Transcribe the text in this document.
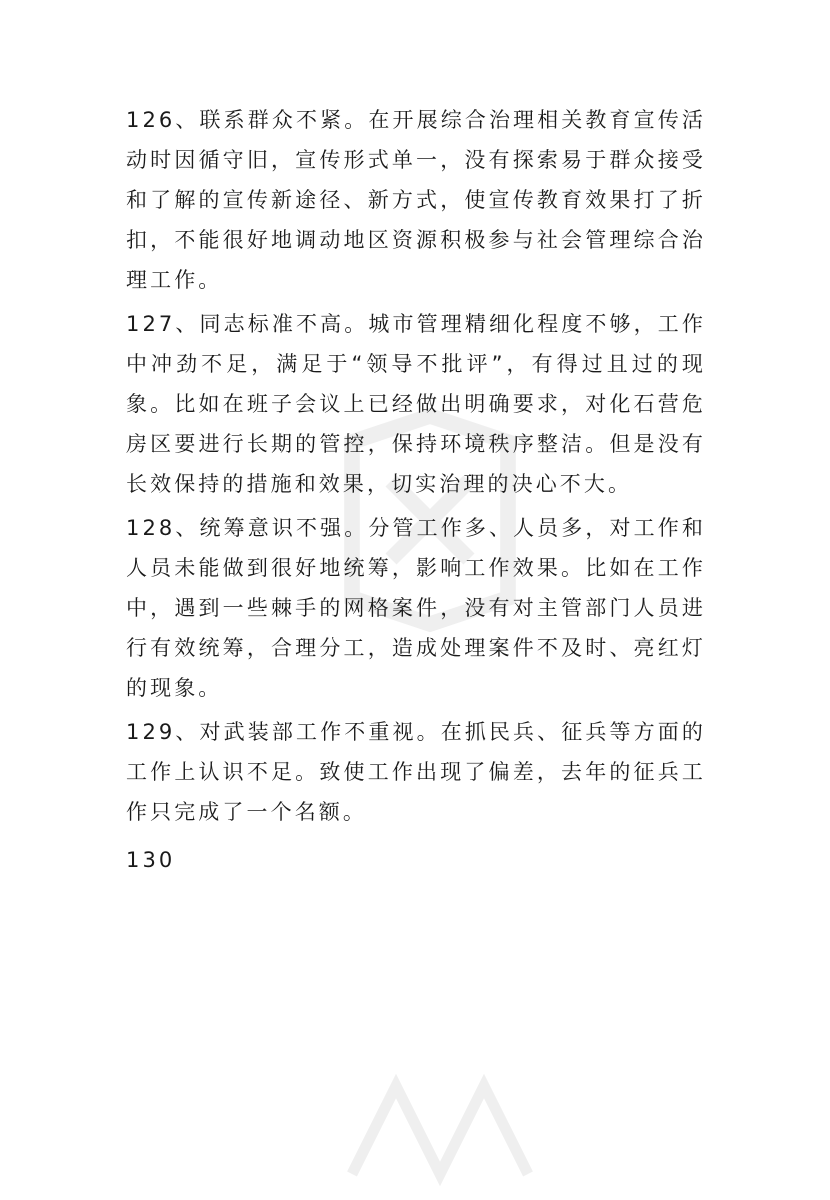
126、联系群众不紧。在开展综合治理相关教育宣传活动时因循守旧，宣传形式单一，没有探索易于群众接受和了解的宣传新途径、新方式，使宣传教育效果打了折扣，不能很好地调动地区资源积极参与社会管理综合治理工作。

127、同志标准不高。城市管理精细化程度不够，工作中冲劲不足，满足于“领导不批评”，有得过且过的现象。比如在班子会议上已经做出明确要求，对化石营危房区要进行长期的管控，保持环境秩序整洁。但是没有长效保持的措施和效果，切实治理的决心不大。

128、统筹意识不强。分管工作多、人员多，对工作和人员未能做到很好地统筹，影响工作效果。比如在工作中，遇到一些棘手的网格案件，没有对主管部门人员进行有效统筹，合理分工，造成处理案件不及时、亮红灯的现象。

129、对武装部工作不重视。在抓民兵、征兵等方面的工作上认识不足。致使工作出现了偏差，去年的征兵工作只完成了一个名额。

130
